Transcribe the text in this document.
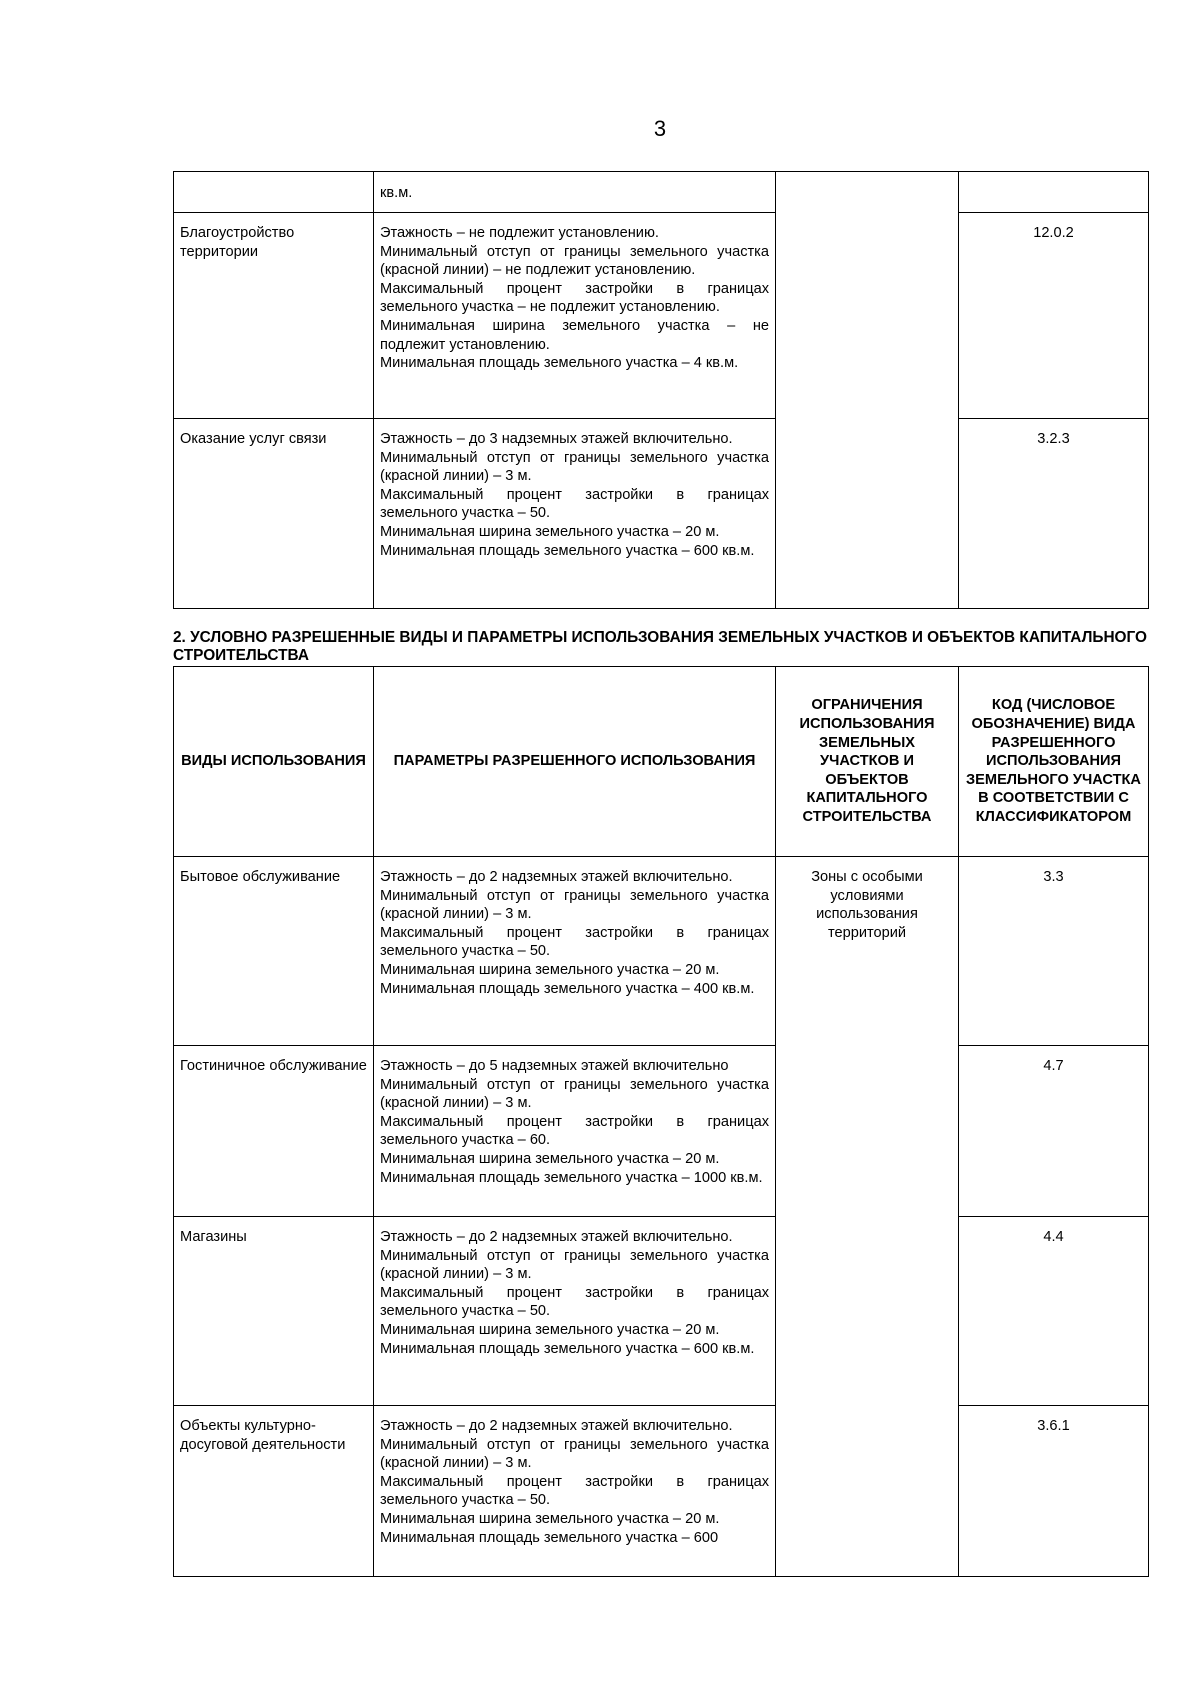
3

	кв.м.		

Благоустройство территории	Этажность – не подлежит установлению.
Минимальный отступ от границы земельного участка (красной линии) – не подлежит установлению.
Максимальный процент застройки в границах земельного участка – не подлежит установлению.
Минимальная ширина земельного участка – не подлежит установлению.
Минимальная площадь земельного участка – 4 кв.м.		12.0.2
Оказание услуг связи	Этажность – до 3 надземных этажей включительно.
Минимальный отступ от границы земельного участка (красной линии) – 3 м.
Максимальный процент застройки в границах земельного участка – 50.
Минимальная ширина земельного участка – 20 м.
Минимальная площадь земельного участка – 600 кв.м.		3.2.3
2. УСЛОВНО РАЗРЕШЕННЫЕ ВИДЫ И ПАРАМЕТРЫ ИСПОЛЬЗОВАНИЯ ЗЕМЕЛЬНЫХ УЧАСТКОВ И ОБЪЕКТОВ КАПИТАЛЬНОГО СТРОИТЕЛЬСТВА
ВИДЫ ИСПОЛЬЗОВАНИЯ	ПАРАМЕТРЫ РАЗРЕШЕННОГО ИСПОЛЬЗОВАНИЯ	ОГРАНИЧЕНИЯ ИСПОЛЬЗОВАНИЯ ЗЕМЕЛЬНЫХ УЧАСТКОВ И ОБЪЕКТОВ КАПИТАЛЬНОГО СТРОИТЕЛЬСТВА	КОД (ЧИСЛОВОЕ ОБОЗНАЧЕНИЕ) ВИДА РАЗРЕШЕННОГО ИСПОЛЬЗОВАНИЯ ЗЕМЕЛЬНОГО УЧАСТКА В СООТВЕТСТВИИ С КЛАССИФИКАТОРОМ
Бытовое обслуживание	Этажность – до 2 надземных этажей включительно.
Минимальный отступ от границы земельного участка (красной линии) – 3 м.
Максимальный процент застройки в границах земельного участка – 50.
Минимальная ширина земельного участка – 20 м.
Минимальная площадь земельного участка – 400 кв.м.	Зоны с особыми условиями использования территорий	3.3
Гостиничное обслуживание	Этажность – до 5 надземных этажей включительно
Минимальный отступ от границы земельного участка (красной линии) – 3 м.
Максимальный процент застройки в границах земельного участка – 60.
Минимальная ширина земельного участка – 20 м.
Минимальная площадь земельного участка – 1000 кв.м.		4.7
Магазины	Этажность – до 2 надземных этажей включительно.
Минимальный отступ от границы земельного участка (красной линии) – 3 м.
Максимальный процент застройки в границах земельного участка – 50.
Минимальная ширина земельного участка – 20 м.
Минимальная площадь земельного участка – 600 кв.м.		4.4
Объекты культурно-досуговой деятельности	Этажность – до 2 надземных этажей включительно.
Минимальный отступ от границы земельного участка (красной линии) – 3 м.
Максимальный процент застройки в границах земельного участка – 50.
Минимальная ширина земельного участка – 20 м.
Минимальная площадь земельного участка – 600		3.6.1
